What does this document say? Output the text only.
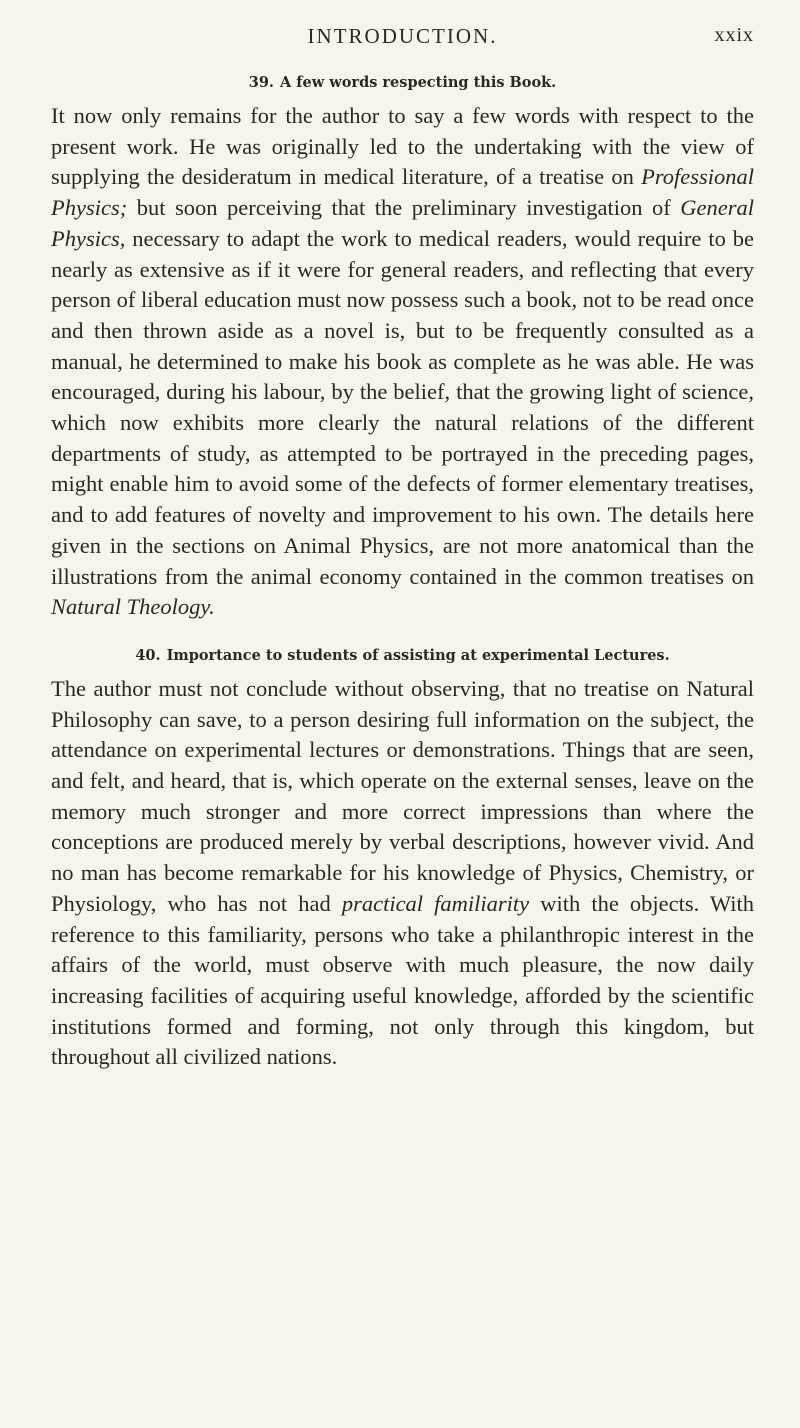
INTRODUCTION.	xxix
39. A few words respecting this Book.

It now only remains for the author to say a few words with respect to the present work. He was originally led to the undertaking with the view of supplying the desideratum in medical literature, of a treatise on Professional Physics; but soon perceiving that the preliminary investigation of General Physics, necessary to adapt the work to medical readers, would require to be nearly as extensive as if it were for general readers, and reflecting that every person of liberal education must now possess such a book, not to be read once and then thrown aside as a novel is, but to be frequently consulted as a manual, he determined to make his book as complete as he was able. He was encouraged, during his labour, by the belief, that the growing light of science, which now exhibits more clearly the natural relations of the different departments of study, as attempted to be portrayed in the preceding pages, might enable him to avoid some of the defects of former elementary treatises, and to add features of novelty and improvement to his own. The details here given in the sections on Animal Physics, are not more anatomical than the illustrations from the animal economy contained in the common treatises on Natural Theology.

40. Importance to students of assisting at experimental Lectures.

The author must not conclude without observing, that no treatise on Natural Philosophy can save, to a person desiring full information on the subject, the attendance on experimental lectures or demonstrations. Things that are seen, and felt, and heard, that is, which operate on the external senses, leave on the memory much stronger and more correct impressions than where the conceptions are produced merely by verbal descriptions, however vivid. And no man has become remarkable for his knowledge of Physics, Chemistry, or Physiology, who has not had practical familiarity with the objects. With reference to this familiarity, persons who take a philanthropic interest in the affairs of the world, must observe with much pleasure, the now daily increasing facilities of acquiring useful knowledge, afforded by the scientific institutions formed and forming, not only through this kingdom, but throughout all civilized nations.
